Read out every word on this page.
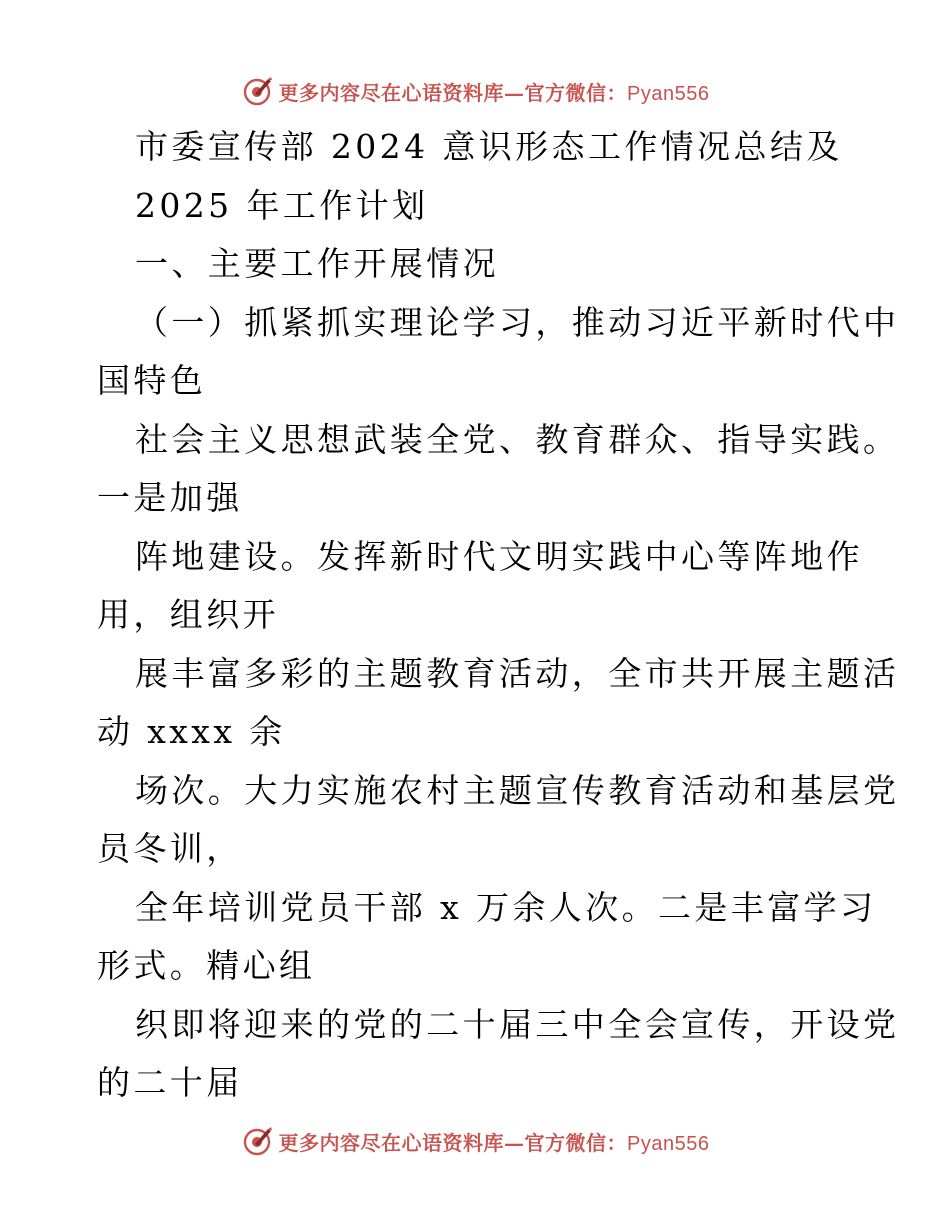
更多内容尽在心语资料库—官方微信：Pyan556
市委宣传部 2024 意识形态工作情况总结及
2025 年工作计划
一、主要工作开展情况
（一）抓紧抓实理论学习，推动习近平新时代中
国特色
社会主义思想武装全党、教育群众、指导实践。
一是加强
阵地建设。发挥新时代文明实践中心等阵地作
用，组织开
展丰富多彩的主题教育活动，全市共开展主题活
动 xxxx 余
场次。大力实施农村主题宣传教育活动和基层党
员冬训，
全年培训党员干部 x 万余人次。二是丰富学习
形式。精心组
织即将迎来的党的二十届三中全会宣传，开设党
的二十届
更多内容尽在心语资料库—官方微信：Pyan556
